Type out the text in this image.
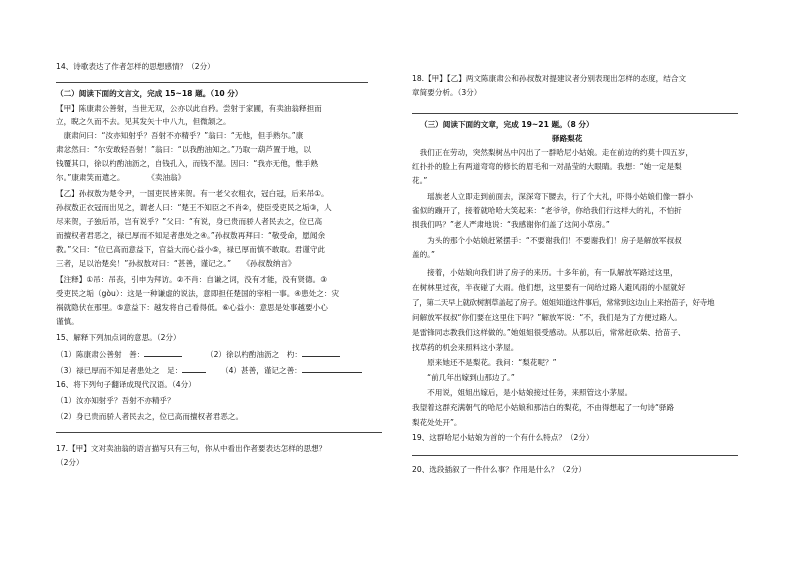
14、诗歌表达了作者怎样的思想感情？（2分）
（二）阅读下面的文言文，完成 15~18 题。（10 分）
【甲】陈康肃公善射，当世无双，公亦以此自矜。尝射于家圃，有卖油翁释担而
立，睨之久而不去。见其发矢十中八九，但微颔之。
　康肃问曰：“汝亦知射乎？吾射不亦精乎？”翁曰：“无他，但手熟尔。”康
肃忿然曰：“尔安敢轻吾射！”翁曰：“以我酌油知之。”乃取一葫芦置于地，以
钱覆其口，徐以杓酌油沥之，自钱孔入，而钱不湿。因曰：“我亦无他，惟手熟
尔。”康肃笑而遣之。　　　　《卖油翁》
【乙】孙叔敖为楚令尹，一国吏民皆来贺。有一老父衣粗衣，冠白冠，后来吊①。
孙叔敖正衣冠而出见之，谓老人曰：“楚王不知臣之不肖②，使臣受吏民之垢③，人
尽来贺，子独后吊，岂有说乎？”父曰：“有说，身已贵而骄人者民去之，位已高
而擅权者君恶之，禄已厚而不知足者患处之④。”孙叔敖再拜曰：“敬受命，愿闻余
教。”父曰：“位已高而意益下，官益大而心益小⑤，禄已厚而慎不敢取。君谨守此
三者，足以治楚矣！”孙叔敖对曰：“甚善，谨记之。”　　《孙叔敖纳言》
【注释】①吊：吊丧，引申为拜访。②不肖：自谦之词，没有才能，没有贤德。③
受吏民之垢（gòu）：这是一种谦虚的说法，意即担任楚国的宰相一事。④患处之：灾
祸就隐伏在那里。⑤意益下：越发将自己看得低。⑥心益小：意思是处事越要小心
谨慎。
15、解释下列加点词的意思。（2分）
（1）陈康肃公善射　善：	（2）徐以杓酌油沥之　杓：
（3）禄已厚而不知足者患处之　足：	（4）甚善，谨记之善：
16、将下列句子翻译成现代汉语。（4分）
（1）汝亦知射乎？吾射不亦精乎？
（2）身已贵而骄人者民去之，位已高而擅权者君恶之。
17.【甲】文对卖油翁的语言描写只有三句，你从中看出作者要表达怎样的思想？
（2分）
18.【甲】【乙】两文陈康肃公和孙叔敖对提建议者分别表现出怎样的态度，结合文
章简要分析。（3分）
（三）阅读下面的文章，完成 19~21 题。（8 分）
驿路梨花
　我们正在劳动，突然梨树丛中闪出了一群哈尼小姑娘。走在前边的约莫十四五岁，
红扑扑的脸上有两道弯弯的修长的眉毛和一对晶莹的大眼睛。我想：“她一定是梨
花。”
　　瑶族老人立即走到前面去，深深弯下腰去，行了个大礼，吓得小姑娘们像一群小
雀似的蹦开了，接着就哈哈大笑起来：“老爷爷，你给我们行这样大的礼，不怕折
损我们吗？”老人严肃地说：“我感谢你们盖了这间小草房。”
　　为头的那个小姑娘赶紧摆手：“不要谢我们！不要谢我们！房子是解放军叔叔
盖的。”
　　接着，小姑娘向我们讲了房子的来历。十多年前，有一队解放军路过这里，
在树林里过夜，半夜碰了大雨。他们想，这里要有一间给过路人避风雨的小屋就好
了，第二天早上就砍树割草盖起了房子。姐姐知道这件事后，常常到这边山上来抬苗子，好寺地
问解放军叔叔“你们要在这里住下吗？”解放军说：“不，我们是为了方便过路人。
是雷锋同志教我们这样做的。”她姐姐很受感动。从那以后，常常赶砍柴、拾苗子、
找草药的机会来照料这小茅屋。
　　原来她还不是梨花。我问：“梨花呢？”
　　“前几年出嫁到山那边了。”
　　不用说，姐姐出嫁后，是小姑娘接过任务，来照管这小茅屋。
我望着这群充满朝气的哈尼小姑娘和那洁白的梨花，不由得想起了一句诗“驿路
梨花处处开”。
19、这群哈尼小姑娘为首的一个有什么特点？（2分）
20、选段插叙了一件什么事？作用是什么？（2分）
